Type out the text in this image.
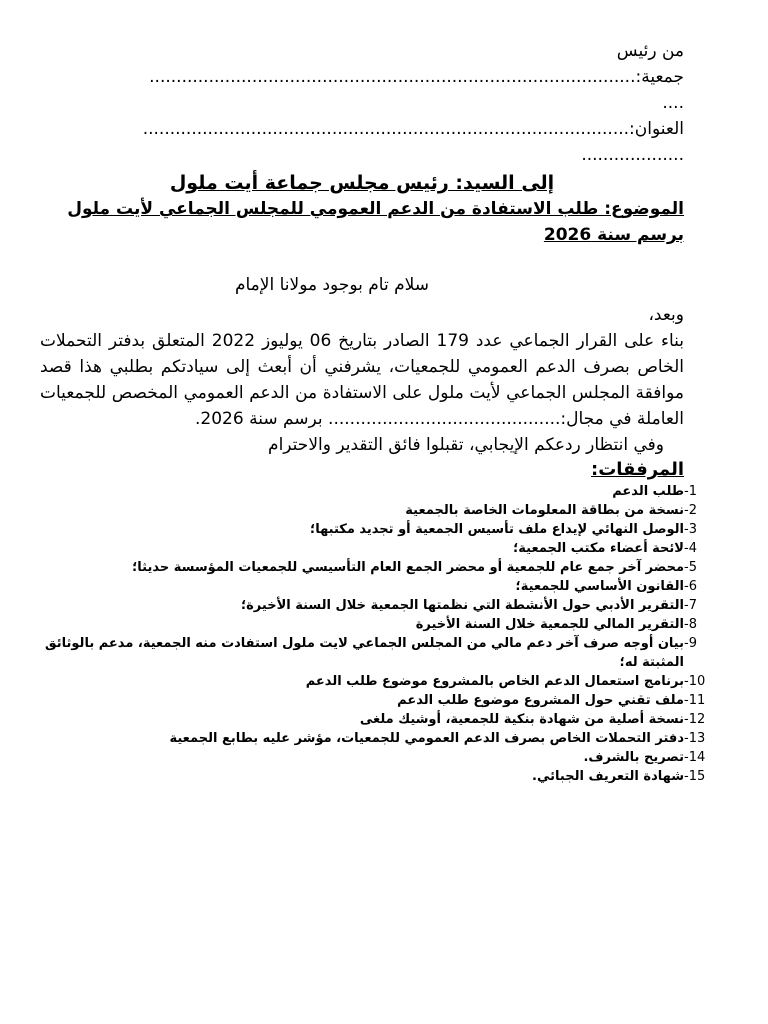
من رئيس
جمعية:..........................................................................................
....
العنوان:..........................................................................................
...................
إلى السيد: رئيس مجلس جماعة أيت ملول
الموضوع: طلب الاستفادة من الدعم العمومي للمجلس الجماعي لأيت ملول برسم سنة 2026
سلام تام بوجود مولانا الإمام
وبعد،
بناء على القرار الجماعي عدد 179 الصادر بتاريخ 06 يوليوز 2022 المتعلق بدفتر التحملات الخاص بصرف الدعم العمومي للجمعيات، يشرفني أن أبعث إلى سيادتكم بطلبي هذا قصد موافقة المجلس الجماعي لأيت ملول على الاستفادة من الدعم العمومي المخصص للجمعيات العاملة في مجال:........................................... برسم سنة 2026.
وفي انتظار ردعكم الإيجابي، تقبلوا فائق التقدير والاحترام
المرفقات:
-1
طلب الدعم
-2
نسخة من بطاقة المعلومات الخاصة بالجمعية
-3
الوصل النهائي لإيداع ملف تأسيس الجمعية أو تجديد مكتبها؛
-4
لائحة أعضاء مكتب الجمعية؛
-5
محضر آخر جمع عام للجمعية أو محضر الجمع العام التأسيسي للجمعيات المؤسسة حديثا؛
-6
القانون الأساسي للجمعية؛
-7
التقرير الأدبي حول الأنشطة التي نظمتها الجمعية خلال السنة الأخيرة؛
-8
التقرير المالي للجمعية خلال السنة الأخيرة
-9
بيان أوجه صرف آخر دعم مالي من المجلس الجماعي لايت ملول استفادت منه الجمعية، مدعم بالوثائق المثبتة له؛
-10
برنامج استعمال الدعم الخاص بالمشروع موضوع طلب الدعم
-11
ملف تقني حول المشروع موضوع طلب الدعم
-12
نسخة أصلية من شهادة بنكية للجمعية، أوشيك ملغى
-13
دفتر التحملات الخاص بصرف الدعم العمومي للجمعيات، مؤشر عليه بطابع الجمعية
-14
تصريح بالشرف.
-15
شهادة التعريف الجبائي.
